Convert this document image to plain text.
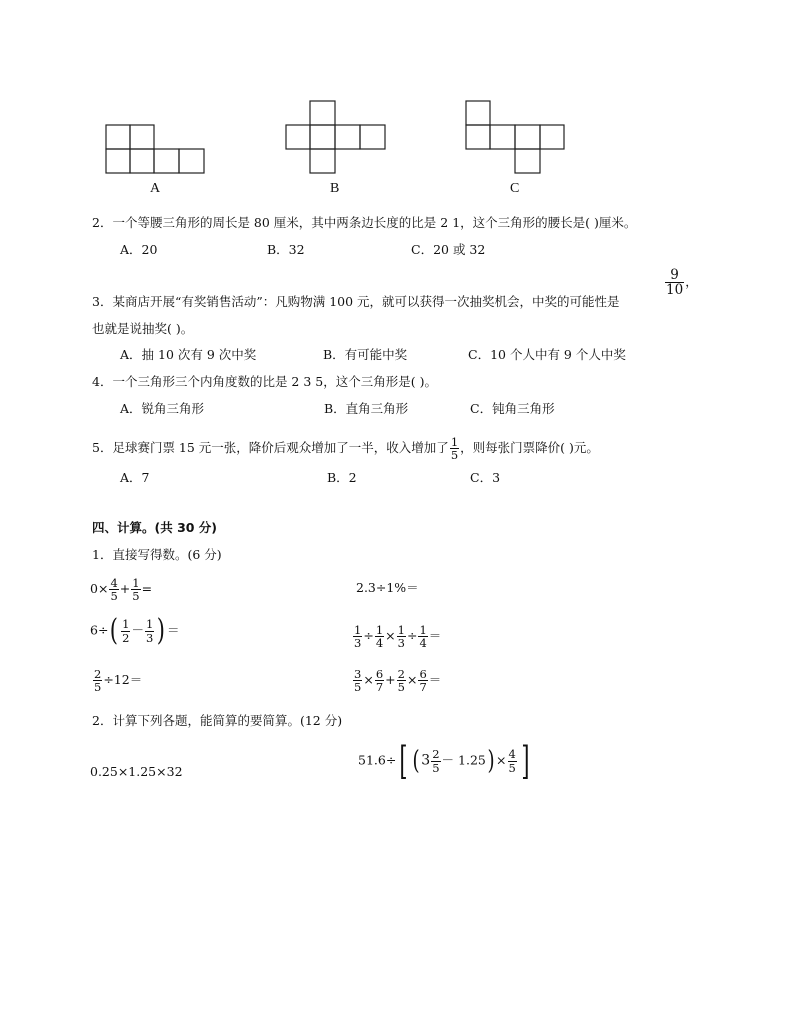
A	B	C
2．一个等腰三角形的周长是 80 厘米，其中两条边长度的比是 2 1，这个三角形的腰长是( )厘米。
A．20	B．32	C．20 或 32
3．某商店开展“有奖销售活动”：凡购物满 100 元，就可以获得一次抽奖机会，中奖的可能性是
$\frac{9}{10}$ ，
也就是说抽奖( )。
A．抽 10 次有 9 次中奖	B．有可能中奖	C．10 个人中有 9 个人中奖
4．一个三角形三个内角度数的比是 2 3 5，这个三角形是( )。
A．锐角三角形	B．直角三角形	C．钝角三角形
5．足球赛门票 15 元一张，降价后观众增加了一半，收入增加了 $\frac{1}{5}$ ，则每张门票降价( )元。
A．7	B．2	C．3
四、计算。(共 30 分)
1．直接写得数。(6 分)
$0\times \frac{4}{5} + \frac{1}{5}$ =	2.3÷1%＝
$6\div( \frac{1}{2} - \frac{1}{3}$ ) ＝	$\frac{1}{3} \div \frac{1}{4} \times \frac{1}{3} \div \frac{1}{4}$ ＝
$\frac{2}{5} \div 12=$	$\frac{3}{5} \times \frac{6}{7} + \frac{2}{5} \times \frac{6}{7}$ ＝
2．计算下列各题，能简算的要简算。(12 分)
0.25×1.25×32
51.6÷[ ( $3 \frac{2}{5} - 1.25) \times \frac{4}{5}$ ]
